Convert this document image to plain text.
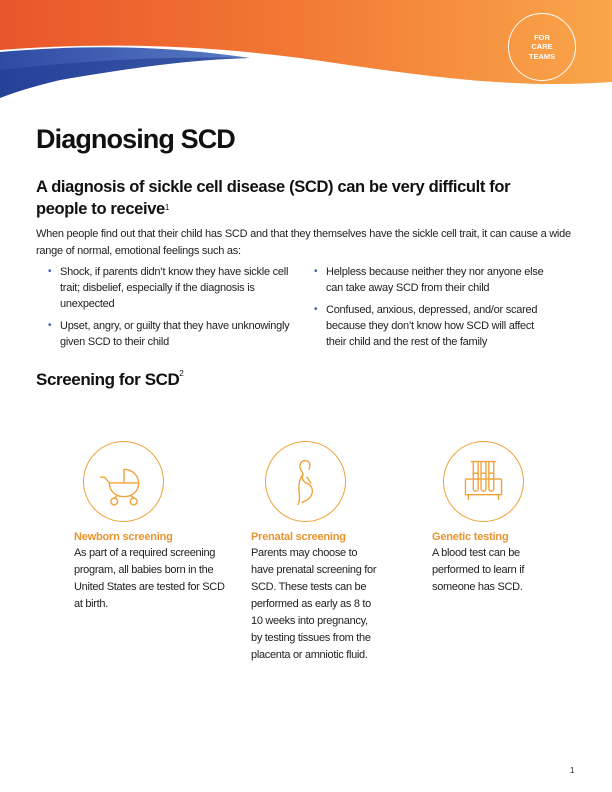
FOR
CARE
TEAMS
Diagnosing SCD
A diagnosis of sickle cell disease (SCD) can be very difficult for people to receive$^1$

When people find out that their child has SCD and that they themselves have the sickle cell trait, it can cause a wide range of normal, emotional feelings such as:

• Shock, if parents didn’t know they have sickle cell trait; disbelief, especially if the diagnosis is unexpected
• Upset, angry, or guilty that they have unknowingly given SCD to their child
• Helpless because neither they nor anyone else can take away SCD from their child
• Confused, anxious, depressed, and/or scared because they don’t know how SCD will affect their child and the rest of the family
Screening for SCD$^2$
Newborn screening
As part of a required screening program, all babies born in the United States are tested for SCD at birth.
Prenatal screening
Parents may choose to have prenatal screening for SCD. These tests can be performed as early as 8 to 10 weeks into pregnancy, by testing tissues from the placenta or amniotic fluid.
Genetic testing
A blood test can be performed to learn if someone has SCD.
1
